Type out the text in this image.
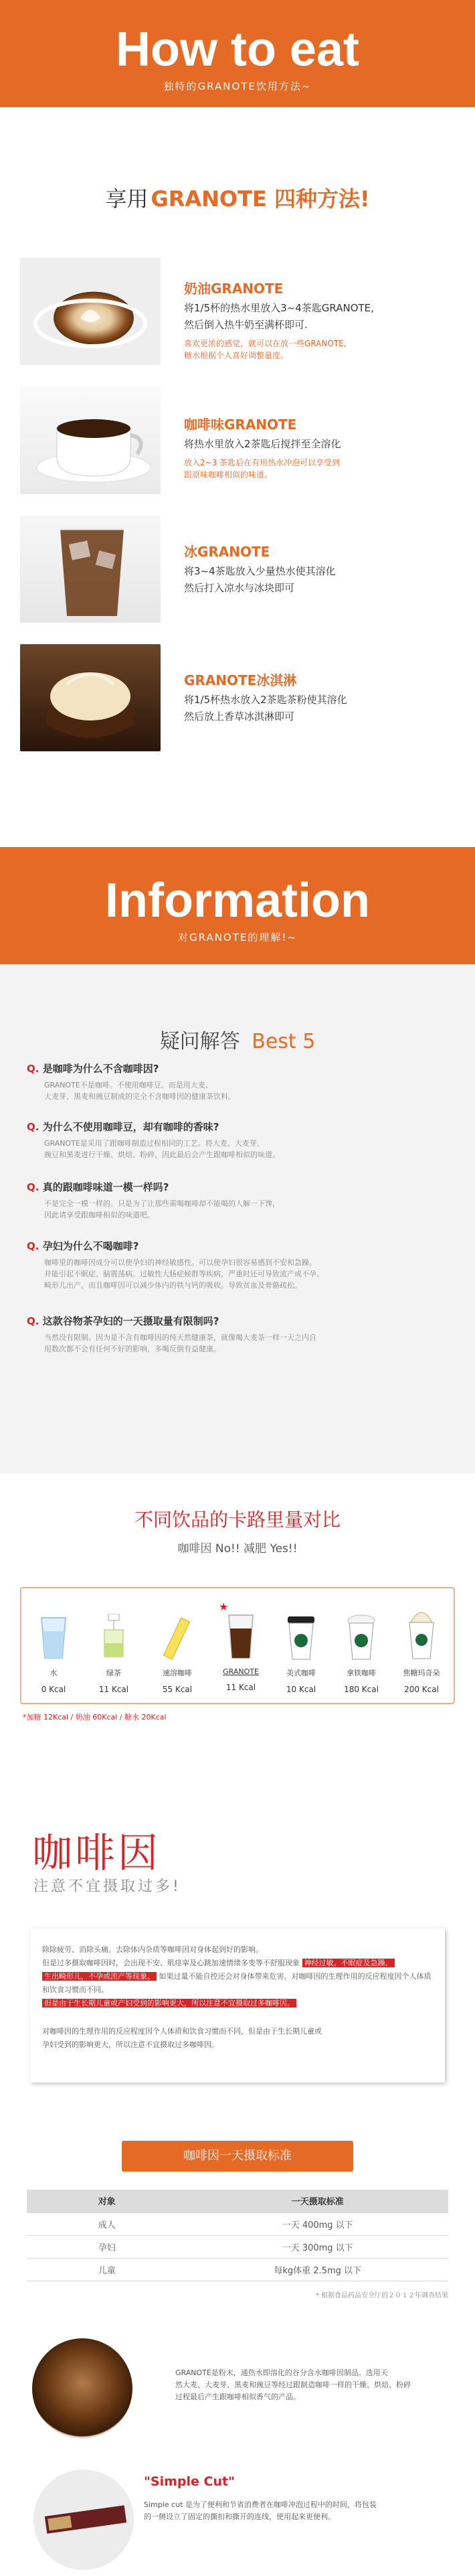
How to eat
独特的GRANOTE饮用方法~
享用 GRANOTE 四种方法!
奶油GRANOTE
将1/5杯的热水里放入3~4茶匙GRANOTE,
然后倒入热牛奶至满杯即可.
喜欢更浓的感觉，就可以在放一些GRANOTE,
糖水根据个人喜好调整量度。
咖啡味GRANOTE
将热水里放入2茶匙后搅拌至全溶化
放入2~3 茶匙后在有用热水冲泡可以享受到
跟原味咖啡相似的味道。
冰GRANOTE
将3~4茶匙放入少量热水使其溶化
然后打入凉水与冰块即可
GRANOTE冰淇淋
将1/5杯热水放入2茶匙茶粉使其溶化
然后放上香草冰淇淋即可
Information
对GRANOTE的理解!~
疑问解答 Best 5
Q. 是咖啡为什么不含咖啡因?
GRANOTE不是咖啡。不使用咖啡豆。而是用大麦、
大麦芽、黑麦和豌豆制成的完全不含咖啡因的健康茶饮料。
Q. 为什么不使用咖啡豆，却有咖啡的香味?
GRANOTE是采用了跟咖啡制造过程相同的工艺。将大麦、大麦芽、
豌豆和黑麦进行干燥、烘焙、粉碎，因此最后会产生跟咖啡相似的味道。
Q. 真的跟咖啡味道一模一样吗?
不是完全一模一样的。只是为了让那些需喝咖啡却不能喝的人解一下馋，
因此请享受跟咖啡相似的味道吧。
Q. 孕妇为什么不喝咖啡?
咖啡里的咖啡因成分可以使孕妇的神经敏感性。可以使孕妇很容易感到不安和急躁。
并能引起不眠症、脑震荡病。过敏性大肠症候群等疾病，严重时还可导致流产或不孕、
畸形儿出产。而且咖啡因可以减少体内的铁与钙的吸收。导致贫血及骨骼疏松。
Q. 这款谷物茶孕妇的一天摄取量有限制吗?
当然没有限制。因为是不含有咖啡因的纯天然健康茶，就像喝大麦茶一样一天之内自
用数次都不会有任何不好的影响，多喝反倒有益健康。
不同饮品的卡路里量对比
咖啡因 No!! 减肥 Yes!!
水
0 Kcal
绿茶
11 Kcal
速溶咖啡
55 Kcal
★
GRANOTE
11 Kcal
美式咖啡
10 Kcal
拿铁咖啡
180 Kcal
焦糖玛奇朵
200 Kcal
*加糖 12Kcal / 奶油 60Kcal / 糖水 20Kcal
咖啡因
注意不宜摄取过多!
除除疲劳、消除头痛。去除体内杂质等咖啡因对身体起到好的影响。
但是过多摄取咖啡因时，会出现不安、肌痉挛及心跳加速情绪多变等不舒服现象 神经过敏。不眠症及急躁、
生出畸形儿，不孕或流产等现象。 如果过量不能自控还会对身体带来危害。对咖啡因的生理作用的反应程度因个人体质和饮食习惯而不同。
但是由于生长期儿童或产妇受到的影响更大，所以注意不宜摄取过多咖啡因。
对咖啡因的生理作用的反应程度因个人体质和饮食习惯而不同，但是由于生长期儿童或
孕妇受到的影响更大，所以注意不宜摄取过多咖啡因。
咖啡因一天摄取标准
对象	一天摄取标准
成人	一天 400mg 以下
孕妇	一天 300mg 以下
儿童	每kg体重 2.5mg 以下
* 根据食品药品安全厅的２０１２年调查结果
GRANOTE是粉末，通热水即溶化的谷分含水咖啡因制品。选用天
然大麦、大麦芽、黑麦和豌豆等经过跟制造咖啡一样的干燥、烘焙、粉碎
过程最后产生跟咖啡相似香气的产品。
"Simple Cut"
Simple cut 是为了便利和节省消费者在咖啡冲泡过程中的时间，将包装
的一侧设立了固定的撕扣和撕开的连线，使用起来更便利。
